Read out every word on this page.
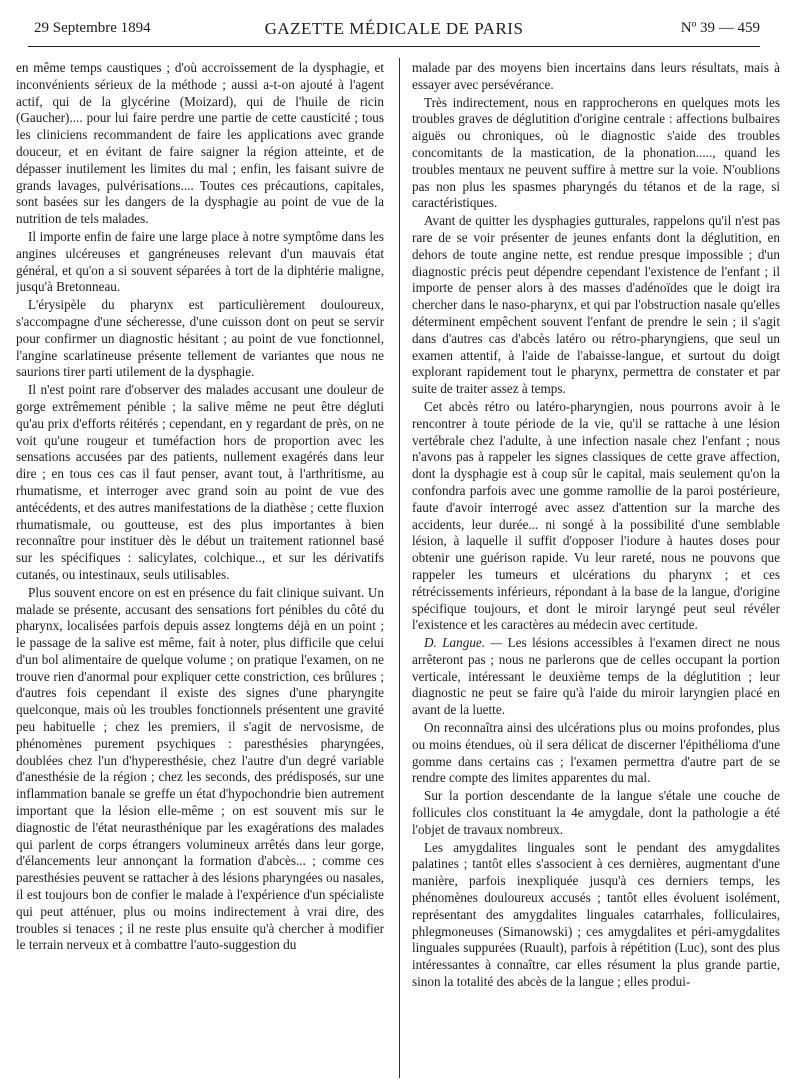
29 Septembre 1894	GAZETTE MÉDICALE DE PARIS	Nº 39 — 459

en même temps caustiques ; d'où accroissement de la dysphagie, et inconvénients sérieux de la méthode ; aussi a-t-on ajouté à l'agent actif, qui de la glycérine (Moizard), qui de l'huile de ricin (Gaucher).... pour lui faire perdre une partie de cette causticité ; tous les cliniciens recommandent de faire les applications avec grande douceur, et en évitant de faire saigner la région atteinte, et de dépasser inutilement les limites du mal ; enfin, les faisant suivre de grands lavages, pulvérisations.... Toutes ces précautions, capitales, sont basées sur les dangers de la dysphagie au point de vue de la nutrition de tels malades.

Il importe enfin de faire une large place à notre symptôme dans les angines ulcéreuses et gangréneuses relevant d'un mauvais état général, et qu'on a si souvent séparées à tort de la diphtérie maligne, jusqu'à Bretonneau.

L'érysipèle du pharynx est particulièrement douloureux, s'accompagne d'une sécheresse, d'une cuisson dont on peut se servir pour confirmer un diagnostic hésitant ; au point de vue fonctionnel, l'angine scarlatineuse présente tellement de variantes que nous ne saurions tirer parti utilement de la dysphagie.

Il n'est point rare d'observer des malades accusant une douleur de gorge extrêmement pénible ; la salive même ne peut être dégluti qu'au prix d'efforts réitérés ; cependant, en y regardant de près, on ne voit qu'une rougeur et tuméfaction hors de proportion avec les sensations accusées par des patients, nullement exagérés dans leur dire ; en tous ces cas il faut penser, avant tout, à l'arthritisme, au rhumatisme, et interroger avec grand soin au point de vue des antécédents, et des autres manifestations de la diathèse ; cette fluxion rhumatismale, ou goutteuse, est des plus importantes à bien reconnaître pour instituer dès le début un traitement rationnel basé sur les spécifiques : salicylates, colchique.., et sur les dérivatifs cutanés, ou intestinaux, seuls utilisables.

Plus souvent encore on est en présence du fait clinique suivant. Un malade se présente, accusant des sensations fort pénibles du côté du pharynx, localisées parfois depuis assez longtems déjà en un point ; le passage de la salive est même, fait à noter, plus difficile que celui d'un bol alimentaire de quelque volume ; on pratique l'examen, on ne trouve rien d'anormal pour expliquer cette constriction, ces brûlures ; d'autres fois cependant il existe des signes d'une pharyngite quelconque, mais où les troubles fonctionnels présentent une gravité peu habituelle ; chez les premiers, il s'agit de nervosisme, de phénomènes purement psychiques : paresthésies pharyngées, doublées chez l'un d'hyperesthésie, chez l'autre d'un degré variable d'anesthésie de la région ; chez les seconds, des prédisposés, sur une inflammation banale se greffe un état d'hypochondrie bien autrement important que la lésion elle-même ; on est souvent mis sur le diagnostic de l'état neurasthénique par les exagérations des malades qui parlent de corps étrangers volumineux arrêtés dans leur gorge, d'élancements leur annonçant la formation d'abcès... ; comme ces paresthésies peuvent se rattacher à des lésions pharyngées ou nasales, il est toujours bon de confier le malade à l'expérience d'un spécialiste qui peut atténuer, plus ou moins indirectement à vrai dire, des troubles si tenaces ; il ne reste plus ensuite qu'à chercher à modifier le terrain nerveux et à combattre l'auto-suggestion du

malade par des moyens bien incertains dans leurs résultats, mais à essayer avec persévérance.

Très indirectement, nous en rapprocherons en quelques mots les troubles graves de déglutition d'origine centrale : affections bulbaires aiguës ou chroniques, où le diagnostic s'aide des troubles concomitants de la mastication, de la phonation....., quand les troubles mentaux ne peuvent suffire à mettre sur la voie. N'oublions pas non plus les spasmes pharyngés du tétanos et de la rage, si caractéristiques.

Avant de quitter les dysphagies gutturales, rappelons qu'il n'est pas rare de se voir présenter de jeunes enfants dont la déglutition, en dehors de toute angine nette, est rendue presque impossible ; d'un diagnostic précis peut dépendre cependant l'existence de l'enfant ; il importe de penser alors à des masses d'adénoïdes que le doigt ira chercher dans le naso-pharynx, et qui par l'obstruction nasale qu'elles déterminent empêchent souvent l'enfant de prendre le sein ; il s'agit dans d'autres cas d'abcès latéro ou rétro-pharyngiens, que seul un examen attentif, à l'aide de l'abaisse-langue, et surtout du doigt explorant rapidement tout le pharynx, permettra de constater et par suite de traiter assez à temps.

Cet abcès rétro ou latéro-pharyngien, nous pourrons avoir à le rencontrer à toute période de la vie, qu'il se rattache à une lésion vertébrale chez l'adulte, à une infection nasale chez l'enfant ; nous n'avons pas à rappeler les signes classiques de cette grave affection, dont la dysphagie est à coup sûr le capital, mais seulement qu'on la confondra parfois avec une gomme ramollie de la paroi postérieure, faute d'avoir interrogé avec assez d'attention sur la marche des accidents, leur durée... ni songé à la possibilité d'une semblable lésion, à laquelle il suffit d'opposer l'iodure à hautes doses pour obtenir une guérison rapide. Vu leur rareté, nous ne pouvons que rappeler les tumeurs et ulcérations du pharynx ; et ces rétrécissements inférieurs, répondant à la base de la langue, d'origine spécifique toujours, et dont le miroir laryngé peut seul révéler l'existence et les caractères au médecin avec certitude.

D. Langue. — Les lésions accessibles à l'examen direct ne nous arrêteront pas ; nous ne parlerons que de celles occupant la portion verticale, intéressant le deuxième temps de la déglutition ; leur diagnostic ne peut se faire qu'à l'aide du miroir laryngien placé en avant de la luette.

On reconnaîtra ainsi des ulcérations plus ou moins profondes, plus ou moins étendues, où il sera délicat de discerner l'épithélioma d'une gomme dans certains cas ; l'examen permettra d'autre part de se rendre compte des limites apparentes du mal.

Sur la portion descendante de la langue s'étale une couche de follicules clos constituant la 4e amygdale, dont la pathologie a été l'objet de travaux nombreux.

Les amygdalites linguales sont le pendant des amygdalites palatines ; tantôt elles s'associent à ces dernières, augmentant d'une manière, parfois inexpliquée jusqu'à ces derniers temps, les phénomènes douloureux accusés ; tantôt elles évoluent isolément, représentant des amygdalites linguales catarrhales, folliculaires, phlegmoneuses (Simanowski) ; ces amygdalites et péri-amygdalites linguales suppurées (Ruault), parfois à répétition (Luc), sont des plus intéressantes à connaître, car elles résument la plus grande partie, sinon la totalité des abcès de la langue ; elles produi-
